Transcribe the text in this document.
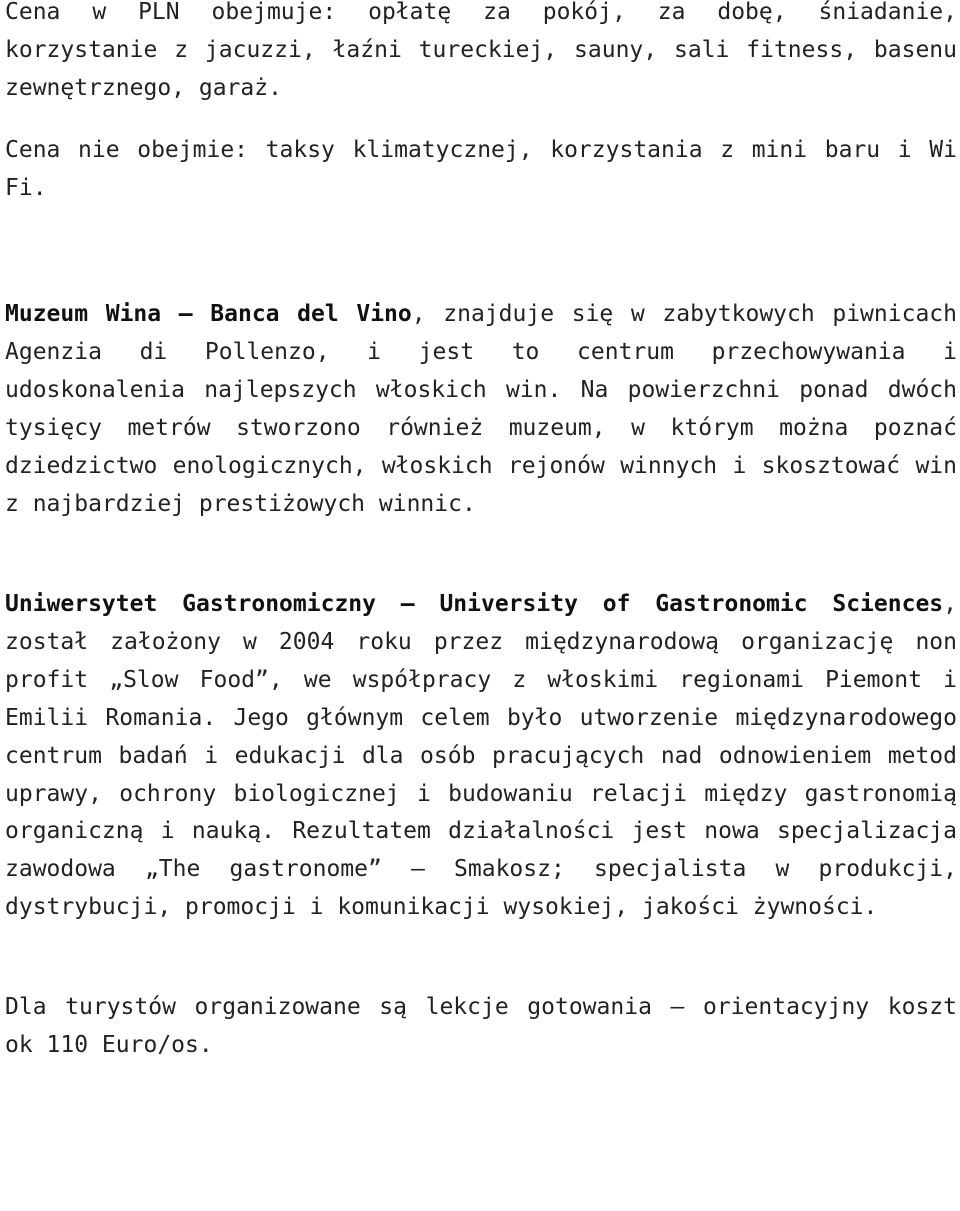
Cena w PLN obejmuje: opłatę za pokój, za dobę, śniadanie, korzystanie z jacuzzi, łaźni tureckiej, sauny, sali fitness, basenu zewnętrznego, garaż.

Cena nie obejmie: taksy klimatycznej, korzystania z mini baru i Wi Fi.

Muzeum Wina – Banca del Vino, znajduje się w zabytkowych piwnicach Agenzia di Pollenzo, i jest to centrum przechowywania i udoskonalenia najlepszych włoskich win. Na powierzchni ponad dwóch tysięcy metrów stworzono również muzeum, w którym można poznać dziedzictwo enologicznych, włoskich rejonów winnych i skosztować win z najbardziej prestiżowych winnic.

Uniwersytet Gastronomiczny – University of Gastronomic Sciences, został założony w 2004 roku przez międzynarodową organizację non profit „Slow Food”, we współpracy z włoskimi regionami Piemont i Emilii Romania. Jego głównym celem było utworzenie międzynarodowego centrum badań i edukacji dla osób pracujących nad odnowieniem metod uprawy, ochrony biologicznej i budowaniu relacji między gastronomią organiczną i nauką. Rezultatem działalności jest nowa specjalizacja zawodowa „The gastronome” – Smakosz; specjalista w produkcji, dystrybucji, promocji i komunikacji wysokiej, jakości żywności.

Dla turystów organizowane są lekcje gotowania – orientacyjny koszt ok 110 Euro/os.
